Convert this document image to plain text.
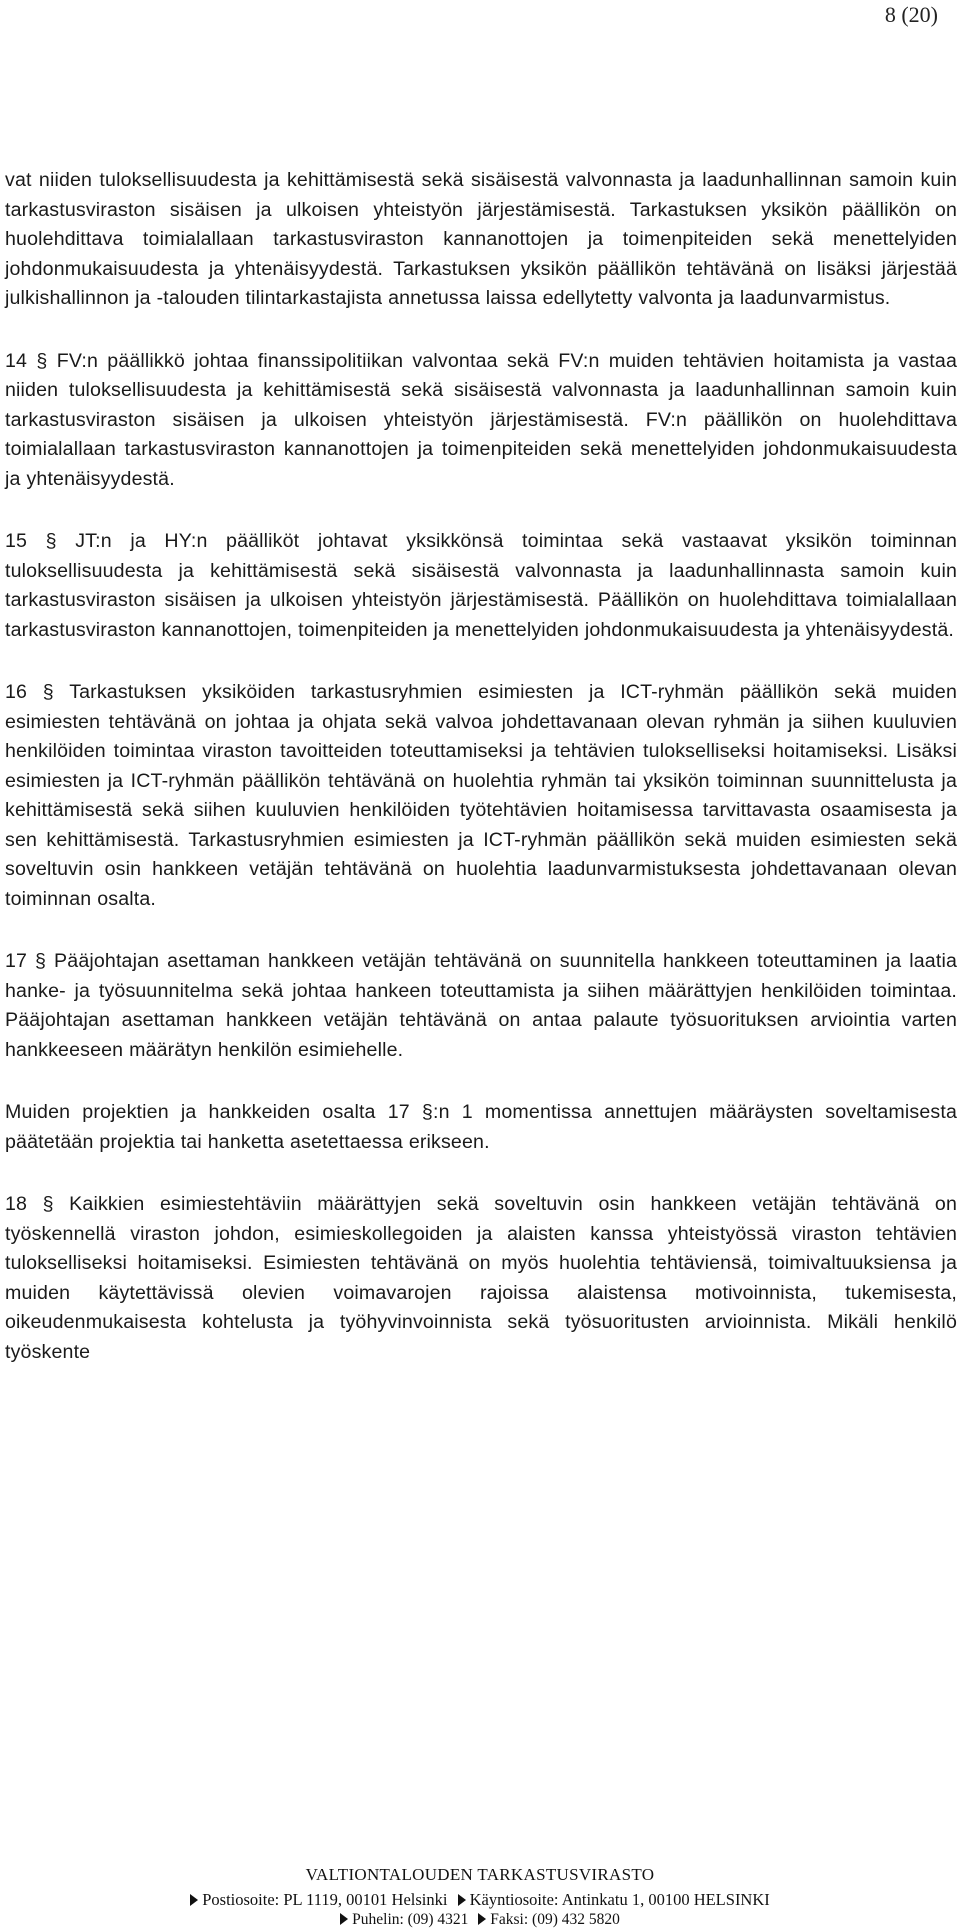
8 (20)

vat niiden tuloksellisuudesta ja kehittämisestä sekä sisäisestä valvonnasta ja laadunhallinnan samoin kuin tarkastusviraston sisäisen ja ulkoisen yhteistyön järjestämisestä. Tarkastuksen yksikön päällikön on huolehdittava toimialallaan tarkastusviraston kannanottojen ja toimenpiteiden sekä menettelyiden johdonmukaisuudesta ja yhtenäisyydestä. Tarkastuksen yksikön päällikön tehtävänä on lisäksi järjestää julkishallinnon ja -talouden tilintarkastajista annetussa laissa edellytetty valvonta ja laadunvarmistus.

14 § FV:n päällikkö johtaa finanssipolitiikan valvontaa sekä FV:n muiden tehtävien hoitamista ja vastaa niiden tuloksellisuudesta ja kehittämisestä sekä sisäisestä valvonnasta ja laadunhallinnan samoin kuin tarkastusviraston sisäisen ja ulkoisen yhteistyön järjestämisestä. FV:n päällikön on huolehdittava toimialallaan tarkastusviraston kannanottojen ja toimenpiteiden sekä menettelyiden johdonmukaisuudesta ja yhtenäisyydestä.

15 § JT:n ja HY:n päälliköt johtavat yksikkönsä toimintaa sekä vastaavat yksikön toiminnan tuloksellisuudesta ja kehittämisestä sekä sisäisestä valvonnasta ja laadunhallinnasta samoin kuin tarkastusviraston sisäisen ja ulkoisen yhteistyön järjestämisestä. Päällikön on huolehdittava toimialallaan tarkastusviraston kannanottojen, toimenpiteiden ja menettelyiden johdonmukaisuudesta ja yhtenäisyydestä.

16 § Tarkastuksen yksiköiden tarkastusryhmien esimiesten ja ICT-ryhmän päällikön sekä muiden esimiesten tehtävänä on johtaa ja ohjata sekä valvoa johdettavanaan olevan ryhmän ja siihen kuuluvien henkilöiden toimintaa viraston tavoitteiden toteuttamiseksi ja tehtävien tulokselliseksi hoitamiseksi. Lisäksi esimiesten ja ICT-ryhmän päällikön tehtävänä on huolehtia ryhmän tai yksikön toiminnan suunnittelusta ja kehittämisestä sekä siihen kuuluvien henkilöiden työtehtävien hoitamisessa tarvittavasta osaamisesta ja sen kehittämisestä. Tarkastusryhmien esimiesten ja ICT-ryhmän päällikön sekä muiden esimiesten sekä soveltuvin osin hankkeen vetäjän tehtävänä on huolehtia laadunvarmistuksesta johdettavanaan olevan toiminnan osalta.

17 § Pääjohtajan asettaman hankkeen vetäjän tehtävänä on suunnitella hankkeen toteuttaminen ja laatia hanke- ja työsuunnitelma sekä johtaa hankeen toteuttamista ja siihen määrättyjen henkilöiden toimintaa. Pääjohtajan asettaman hankkeen vetäjän tehtävänä on antaa palaute työsuorituksen arviointia varten hankkeeseen määrätyn henkilön esimiehelle.

Muiden projektien ja hankkeiden osalta 17 §:n 1 momentissa annettujen määräysten soveltamisesta päätetään projektia tai hanketta asetettaessa erikseen.

18 § Kaikkien esimiestehtäviin määrättyjen sekä soveltuvin osin hankkeen vetäjän tehtävänä on työskennellä viraston johdon, esimieskollegoiden ja alaisten kanssa yhteistyössä viraston tehtävien tulokselliseksi hoitamiseksi. Esimiesten tehtävänä on myös huolehtia tehtäviensä, toimivaltuuksiensa ja muiden käytettävissä olevien voimavarojen rajoissa alaistensa motivoinnista, tukemisesta, oikeudenmukaisesta kohtelusta ja työhyvinvoinnista sekä työsuoritusten arvioinnista. Mikäli henkilö työskente

VALTIONTALOUDEN TARKASTUSVIRASTO
Postiosoite: PL 1119, 00101 Helsinki Käyntiosoite: Antinkatu 1, 00100 HELSINKI
Puhelin: (09) 4321 Faksi: (09) 432 5820
